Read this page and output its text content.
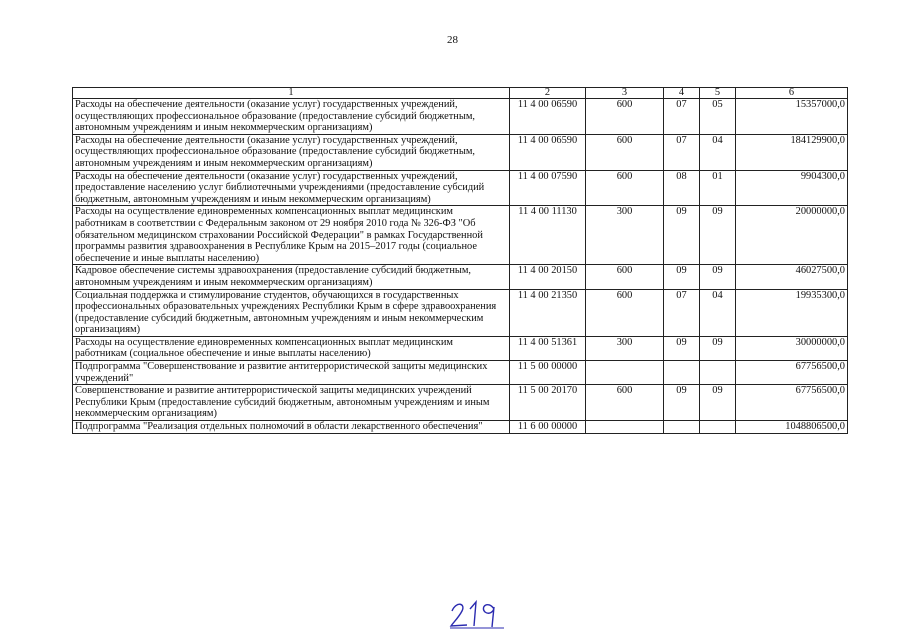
28
1	2	3	4	5	6
Расходы на обеспечение деятельности (оказание услуг) государственных учреждений, осуществляющих профессиональное образование (предоставление субсидий бюджетным, автономным учреждениям и иным некоммерческим организациям)	11 4 00 06590	600	07	05	15357000,0
Расходы на обеспечение деятельности (оказание услуг) государственных учреждений, осуществляющих профессиональное образование (предоставление субсидий бюджетным, автономным учреждениям и иным некоммерческим организациям)	11 4 00 06590	600	07	04	184129900,0
Расходы на обеспечение деятельности (оказание услуг) государственных учреждений, предоставление населению услуг библиотечными учреждениями (предоставление субсидий бюджетным, автономным учреждениям и иным некоммерческим организациям)	11 4 00 07590	600	08	01	9904300,0
Расходы на осуществление единовременных компенсационных выплат медицинским работникам в соответствии с Федеральным законом от 29 ноября 2010 года № 326-ФЗ "Об обязательном медицинском страховании Российской Федерации" в рамках Государственной программы развития здравоохранения в Республике Крым на 2015–2017 годы (социальное обеспечение и иные выплаты населению)	11 4 00 11130	300	09	09	20000000,0
Кадровое обеспечение системы здравоохранения (предоставление субсидий бюджетным, автономным учреждениям и иным некоммерческим организациям)	11 4 00 20150	600	09	09	46027500,0
Социальная поддержка и стимулирование студентов, обучающихся в государственных профессиональных образовательных учреждениях Республики Крым в сфере здравоохранения (предоставление субсидий бюджетным, автономным учреждениям и иным некоммерческим организациям)	11 4 00 21350	600	07	04	19935300,0
Расходы на осуществление единовременных компенсационных выплат медицинским работникам (социальное обеспечение и иные выплаты населению)	11 4 00 51361	300	09	09	30000000,0
Подпрограмма "Совершенствование и развитие антитеррористической защиты медицинских учреждений"	11 5 00 00000				67756500,0
Совершенствование и развитие антитеррористической защиты медицинских учреждений Республики Крым (предоставление субсидий бюджетным, автономным учреждениям и иным некоммерческим организациям)	11 5 00 20170	600	09	09	67756500,0
Подпрограмма "Реализация отдельных полномочий в области лекарственного обеспечения"	11 6 00 00000				1048806500,0
